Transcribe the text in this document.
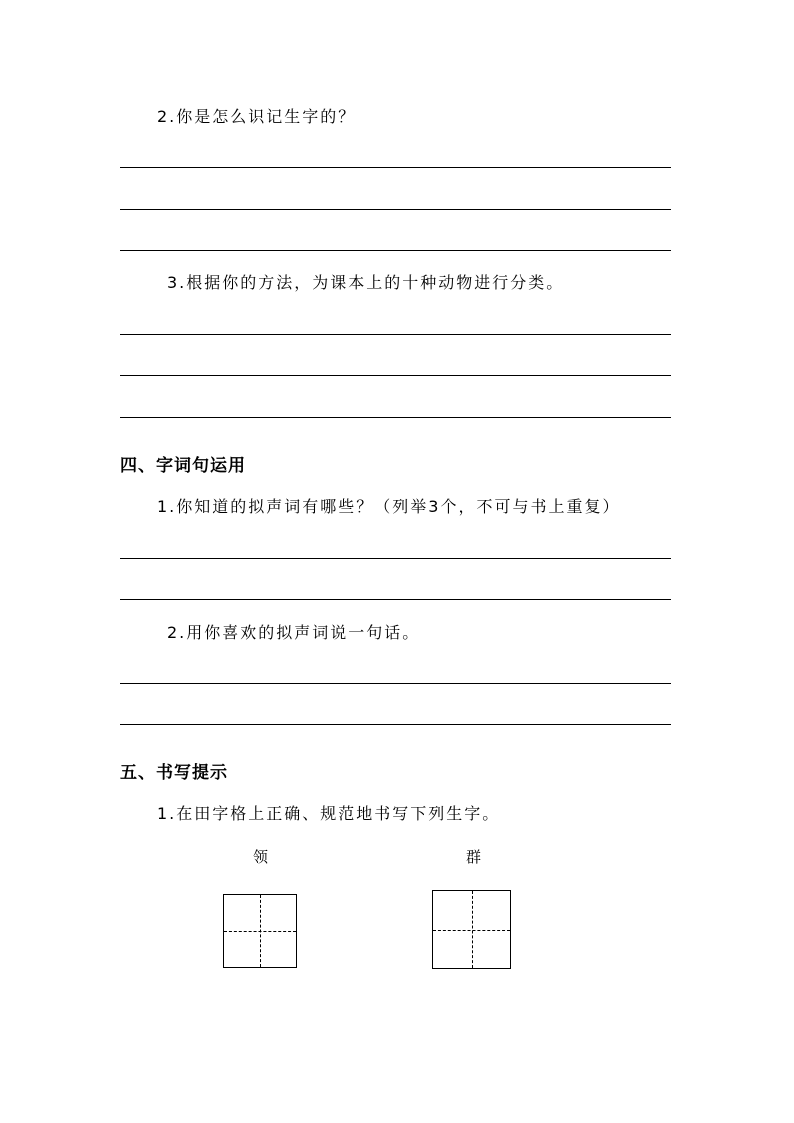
2.你是怎么识记生字的？
3.根据你的方法，为课本上的十种动物进行分类。
四、字词句运用
1.你知道的拟声词有哪些？（列举3个，不可与书上重复）
2.用你喜欢的拟声词说一句话。
五、书写提示
1.在田字格上正确、规范地书写下列生字。
领	群
